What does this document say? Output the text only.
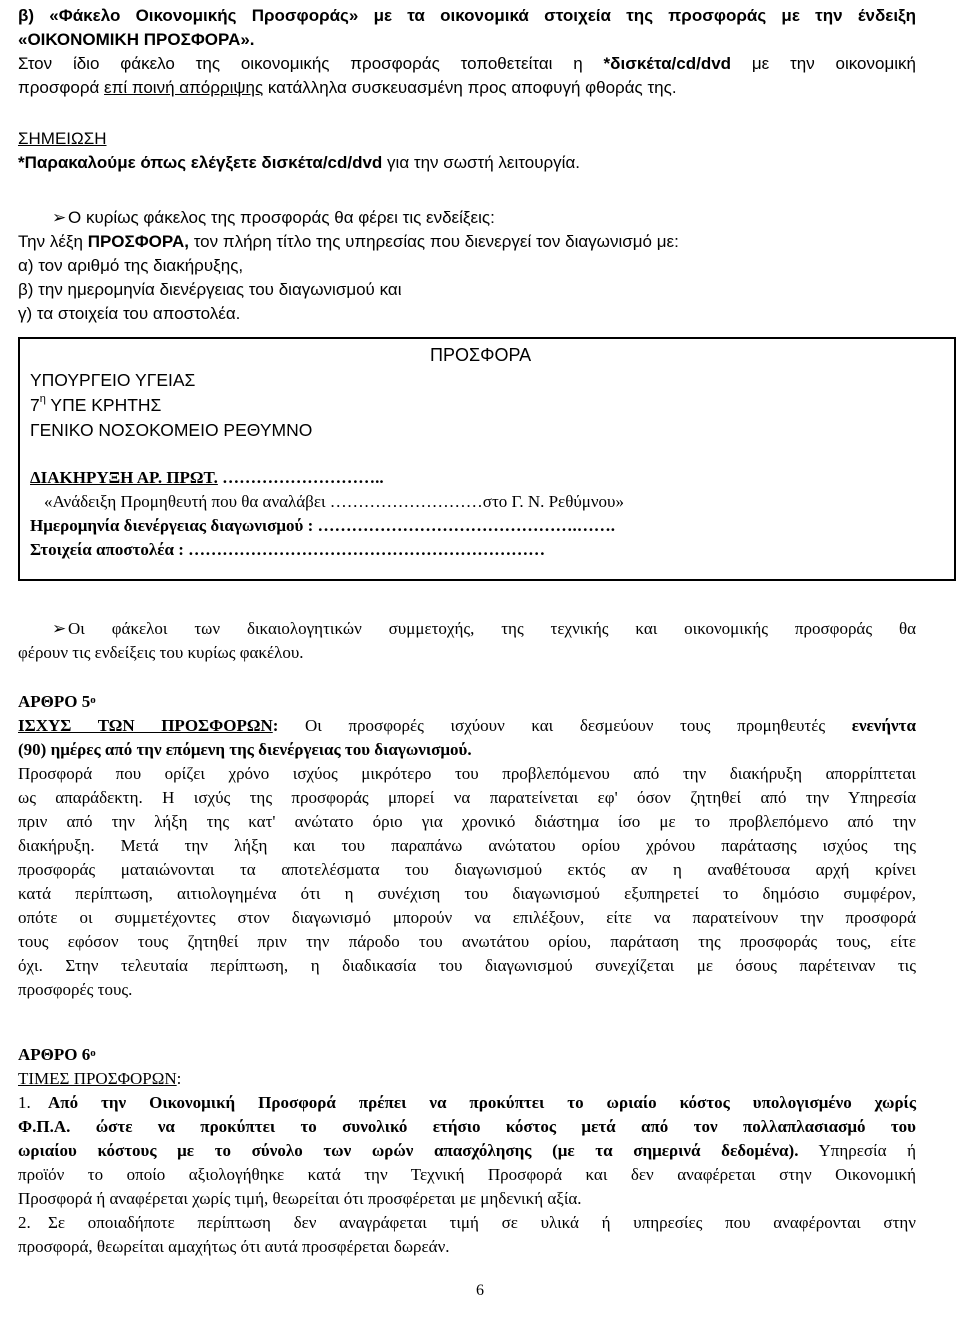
β) «Φάκελο Οικονομικής Προσφοράς» με τα οικονομικά στοιχεία της προσφοράς με την ένδειξη

«ΟΙΚΟΝΟΜΙΚΗ ΠΡΟΣΦΟΡΑ».

Στον ίδιο φάκελο της οικονομικής προσφοράς τοποθετείται η *δισκέτα/cd/dvd με την οικονομική

προσφορά επί ποινή απόρριψης κατάλληλα συσκευασμένη προς αποφυγή φθοράς της.

ΣΗΜΕΙΩΣΗ

*Παρακαλούμε όπως ελέγξετε δισκέτα/cd/dvd για την σωστή λειτουργία.

➢ Ο κυρίως φάκελος της προσφοράς θα φέρει τις ενδείξεις:

Την λέξη ΠΡΟΣΦΟΡΑ, τον πλήρη τίτλο της υπηρεσίας που διενεργεί τον διαγωνισμό με:

α) τον αριθμό της διακήρυξης,

β) την ημερομηνία διενέργειας του διαγωνισμού και

γ) τα στοιχεία του αποστολέα.

ΠΡΟΣΦΟΡΑ
ΥΠΟΥΡΓΕΙΟ ΥΓΕΙΑΣ
$7^\eta$ ΥΠΕ ΚΡΗΤΗΣ
ΓΕΝΙΚΟ ΝΟΣΟΚΟΜΕΙΟ ΡΕΘΥΜΝΟ
ΔΙΑΚΗΡΥΞΗ ΑΡ. ΠΡΩΤ. ………………………..
«Ανάδειξη Προμηθευτή που θα αναλάβει ………………………στο Γ. Ν. Ρεθύμνου»
Ημερομηνία διενέργειας διαγωνισμού : ……………………………………….…….
Στοιχεία αποστολέα : ………………………………………………………

➢ Οι φάκελοι των δικαιολογητικών συμμετοχής, της τεχνικής και οικονομικής προσφοράς θα

φέρουν τις ενδείξεις του κυρίως φακέλου.

ΑΡΘΡΟ $5^o$

ΙΣΧΥΣ ΤΩΝ ΠΡΟΣΦΟΡΩΝ: Οι προσφορές ισχύουν και δεσμεύουν τους προμηθευτές ενενήντα

(90) ημέρες από την επόμενη της διενέργειας του διαγωνισμού.

Προσφορά που ορίζει χρόνο ισχύος μικρότερο του προβλεπόμενου από την διακήρυξη απορρίπτεται

ως απαράδεκτη. Η ισχύς της προσφοράς μπορεί να παρατείνεται εφ' όσον ζητηθεί από την Υπηρεσία

πριν από την λήξη της κατ' ανώτατο όριο για χρονικό διάστημα ίσο με το προβλεπόμενο από την

διακήρυξη. Μετά την λήξη και του παραπάνω ανώτατου ορίου χρόνου παράτασης ισχύος της

προσφοράς ματαιώνονται τα αποτελέσματα του διαγωνισμού εκτός αν η αναθέτουσα αρχή κρίνει

κατά περίπτωση, αιτιολογημένα ότι η συνέχιση του διαγωνισμού εξυπηρετεί το δημόσιο συμφέρον,

οπότε οι συμμετέχοντες στον διαγωνισμό μπορούν να επιλέξουν, είτε να παρατείνουν την προσφορά

τους εφόσον τους ζητηθεί πριν την πάροδο του ανωτάτου ορίου, παράταση της προσφοράς τους, είτε

όχι. Στην τελευταία περίπτωση, η διαδικασία του διαγωνισμού συνεχίζεται με όσους παρέτειναν τις

προσφορές τους.

ΑΡΘΡΟ $6^o$

ΤΙΜΕΣ ΠΡΟΣΦΟΡΩΝ:

1. Από την Οικονομική Προσφορά πρέπει να προκύπτει το ωριαίο κόστος υπολογισμένο χωρίς

Φ.Π.Α. ώστε να προκύπτει το συνολικό ετήσιο κόστος μετά από τον πολλαπλασιασμό του

ωριαίου κόστους με το σύνολο των ωρών απασχόλησης (με τα σημερινά δεδομένα). Υπηρεσία ή

προϊόν το οποίο αξιολογήθηκε κατά την Τεχνική Προσφορά και δεν αναφέρεται στην Οικονομική

Προσφορά ή αναφέρεται χωρίς τιμή, θεωρείται ότι προσφέρεται με μηδενική αξία.

2. Σε οποιαδήποτε περίπτωση δεν αναγράφεται τιμή σε υλικά ή υπηρεσίες που αναφέρονται στην

προσφορά, θεωρείται αμαχήτως ότι αυτά προσφέρεται δωρεάν.

6
